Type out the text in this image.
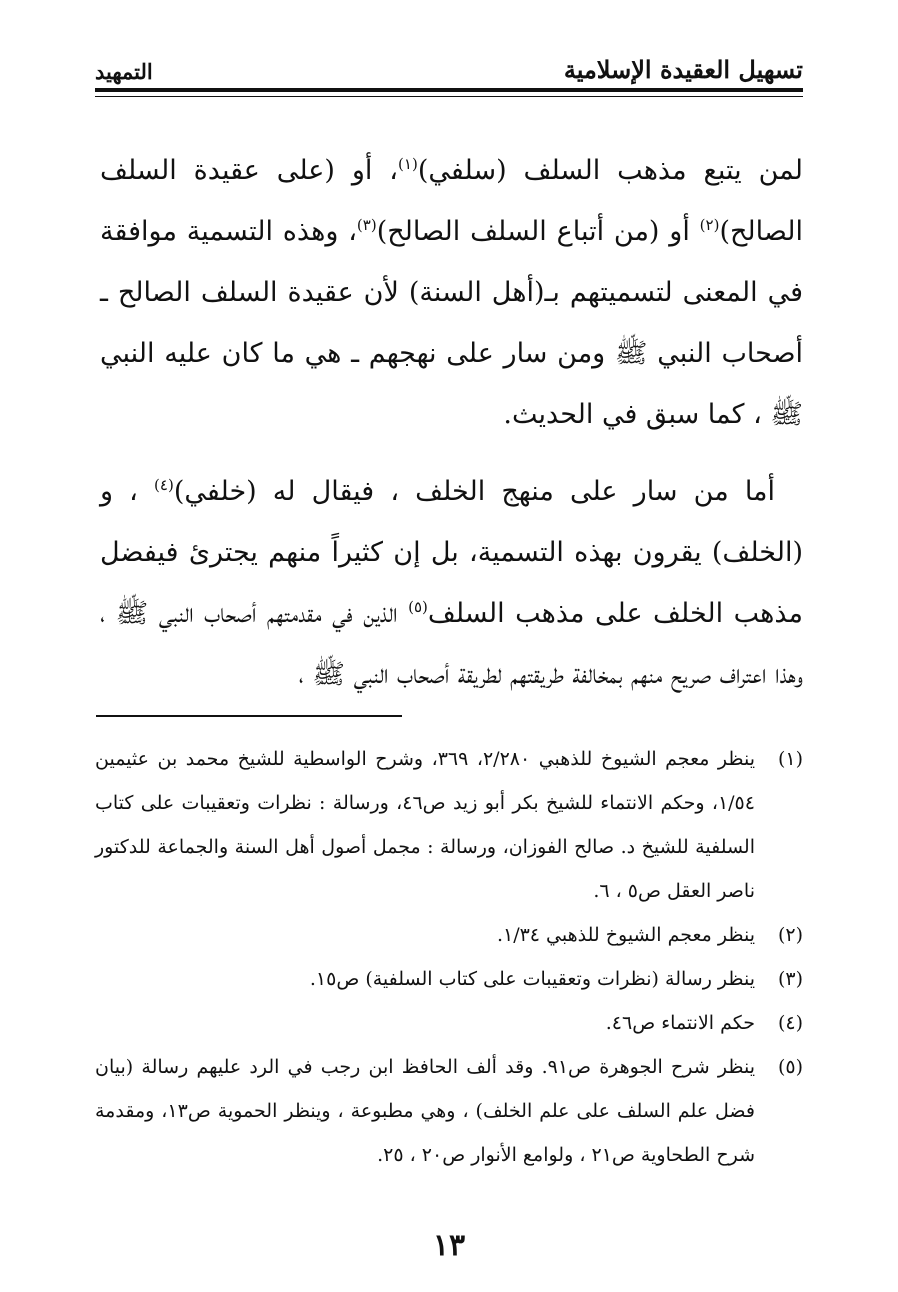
تسهيل العقيدة الإسلامية
التمهيد

لمن يتبع مذهب السلف (سلفي)$^{(١)}$، أو (على عقيدة السلف الصالح)$^{(٢)}$ أو (من أتباع السلف الصالح)$^{(٣)}$، وهذه التسمية موافقة في المعنى لتسميتهم بـ(أهل السنة) لأن عقيدة السلف الصالح ـ أصحاب النبي ﷺ ومن سار على نهجهم ـ هي ما كان عليه النبي ﷺ ، كما سبق في الحديث.

أما من سار على منهج الخلف ، فيقال له (خلفي)$^{(٤)}$ ، و (الخلف) يقرون بهذه التسمية، بل إن كثيراً منهم يجترئ فيفضل مذهب الخلف على مذهب السلف$^{(٥)}$ الذين في مقدمتهم أصحاب النبي ﷺ ، وهذا اعتراف صريح منهم بمخالفة طريقتهم لطريقة أصحاب النبي ﷺ ،

(١)
ينظر معجم الشيوخ للذهبي ٢/٢٨٠، ٣٦٩، وشرح الواسطية للشيخ محمد بن عثيمين ١/٥٤، وحكم الانتماء للشيخ بكر أبو زيد ص٤٦، ورسالة : نظرات وتعقيبات على كتاب السلفية للشيخ د. صالح الفوزان، ورسالة : مجمل أصول أهل السنة والجماعة للدكتور ناصر العقل ص٥ ، ٦.
(٢)
ينظر معجم الشيوخ للذهبي ١/٣٤.
(٣)
ينظر رسالة (نظرات وتعقيبات على كتاب السلفية) ص١٥.
(٤)
حكم الانتماء ص٤٦.
(٥)
ينظر شرح الجوهرة ص٩١. وقد ألف الحافظ ابن رجب في الرد عليهم رسالة (بيان فضل علم السلف على علم الخلف) ، وهي مطبوعة ، وينظر الحموية ص١٣، ومقدمة شرح الطحاوية ص٢١ ، ولوامع الأنوار ص٢٠ ، ٢٥.
١٣
